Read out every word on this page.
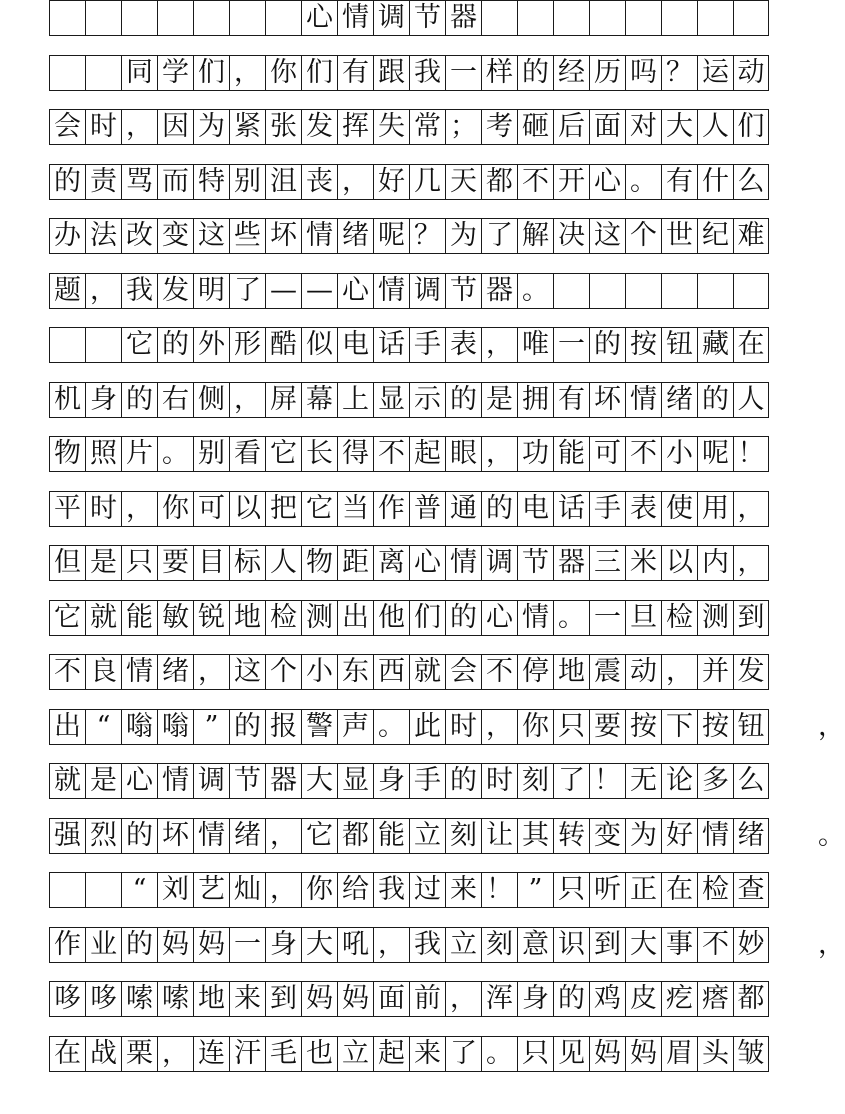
心 情 调 节 器
同 学 们 ， 你 们 有 跟 我 一 样 的 经 历 吗 ？ 运 动
会 时 ， 因 为 紧 张 发 挥 失 常 ； 考 砸 后 面 对 大 人 们
的 责 骂 而 特 别 沮 丧 ， 好 几 天 都 不 开 心 。 有 什 么
办 法 改 变 这 些 坏 情 绪 呢 ？ 为 了 解 决 这 个 世 纪 难
题 ， 我 发 明 了 — — 心 情 调 节 器 。
它 的 外 形 酷 似 电 话 手 表 ， 唯 一 的 按 钮 藏 在
机 身 的 右 侧 ， 屏 幕 上 显 示 的 是 拥 有 坏 情 绪 的 人
物 照 片 。 别 看 它 长 得 不 起 眼 ， 功 能 可 不 小 呢 ！
平 时 ， 你 可 以 把 它 当 作 普 通 的 电 话 手 表 使 用 ，
但 是 只 要 目 标 人 物 距 离 心 情 调 节 器 三 米 以 内 ，
它 就 能 敏 锐 地 检 测 出 他 们 的 心 情 。 一 旦 检 测 到
不 良 情 绪 ， 这 个 小 东 西 就 会 不 停 地 震 动 ， 并 发
出 “ 嗡 嗡 ” 的 报 警 声 。 此 时 ， 你 只 要 按 下 按 钮 ，
就 是 心 情 调 节 器 大 显 身 手 的 时 刻 了 ！ 无 论 多 么
强 烈 的 坏 情 绪 ， 它 都 能 立 刻 让 其 转 变 为 好 情 绪 。
“ 刘 艺 灿 ， 你 给 我 过 来 ！ ” 只 听 正 在 检 查
作 业 的 妈 妈 一 身 大 吼 ， 我 立 刻 意 识 到 大 事 不 妙 ，
哆 哆 嗦 嗦 地 来 到 妈 妈 面 前 ， 浑 身 的 鸡 皮 疙 瘩 都
在 战 栗 ， 连 汗 毛 也 立 起 来 了 。 只 见 妈 妈 眉 头 皱
